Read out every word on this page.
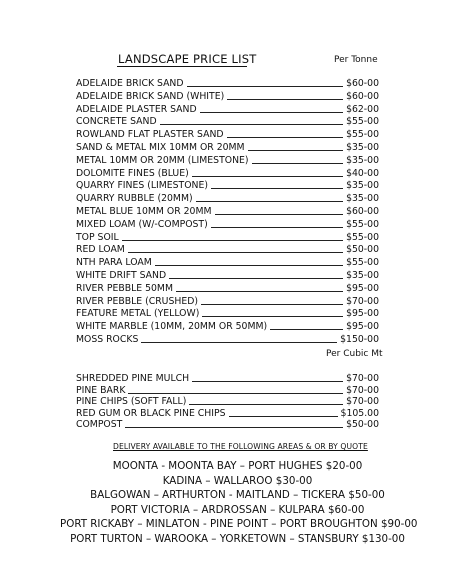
LANDSCAPE PRICE LIST	Per Tonne
ADELAIDE BRICK SAND	$60-00
ADELAIDE BRICK SAND (WHITE)	$60-00
ADELAIDE PLASTER SAND	$62-00
CONCRETE SAND	$55-00
ROWLAND FLAT PLASTER SAND	$55-00
SAND & METAL MIX 10MM OR 20MM	$35-00
METAL 10MM OR 20MM (LIMESTONE)	$35-00
DOLOMITE FINES (BLUE)	$40-00
QUARRY FINES (LIMESTONE)	$35-00
QUARRY RUBBLE (20MM)	$35-00
METAL BLUE 10MM OR 20MM	$60-00
MIXED LOAM (W/-COMPOST)	$55-00
TOP SOIL	$55-00
RED LOAM	$50-00
NTH PARA LOAM	$55-00
WHITE DRIFT SAND	$35-00
RIVER PEBBLE 50MM	$95-00
RIVER PEBBLE (CRUSHED)	$70-00
FEATURE METAL (YELLOW)	$95-00
WHITE MARBLE (10MM, 20MM OR 50MM)	$95-00
MOSS ROCKS	$150-00
Per Cubic Mt
SHREDDED PINE MULCH	$70-00
PINE BARK	$70-00
PINE CHIPS (SOFT FALL)	$70-00
RED GUM OR BLACK PINE CHIPS	$105.00
COMPOST	$50-00
DELIVERY AVAILABLE TO THE FOLLOWING AREAS & OR BY QUOTE
MOONTA - MOONTA BAY – PORT HUGHES $20-00
KADINA – WALLAROO $30-00
BALGOWAN – ARTHURTON - MAITLAND – TICKERA $50-00
PORT VICTORIA – ARDROSSAN – KULPARA $60-00
PORT RICKABY – MINLATON - PINE POINT – PORT BROUGHTON $90-00
PORT TURTON – WAROOKA – YORKETOWN – STANSBURY $130-00
